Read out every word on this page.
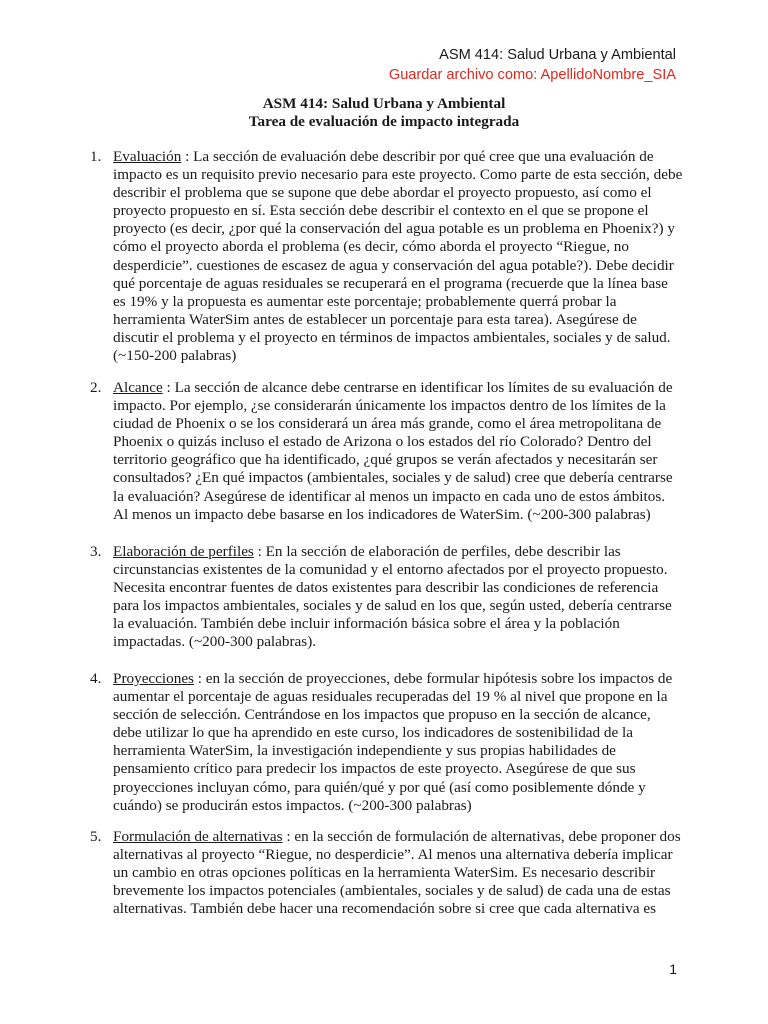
ASM 414: Salud Urbana y Ambiental
Guardar archivo como: ApellidoNombre_SIA
ASM 414: Salud Urbana y Ambiental
Tarea de evaluación de impacto integrada
1. Evaluación : La sección de evaluación debe describir por qué cree que una evaluación de
impacto es un requisito previo necesario para este proyecto. Como parte de esta sección, debe
describir el problema que se supone que debe abordar el proyecto propuesto, así como el
proyecto propuesto en sí. Esta sección debe describir el contexto en el que se propone el
proyecto (es decir, ¿por qué la conservación del agua potable es un problema en Phoenix?) y
cómo el proyecto aborda el problema (es decir, cómo aborda el proyecto “Riegue, no
desperdicie”. cuestiones de escasez de agua y conservación del agua potable?). Debe decidir
qué porcentaje de aguas residuales se recuperará en el programa (recuerde que la línea base
es 19% y la propuesta es aumentar este porcentaje; probablemente querrá probar la
herramienta WaterSim antes de establecer un porcentaje para esta tarea). Asegúrese de
discutir el problema y el proyecto en términos de impactos ambientales, sociales y de salud.
(~150-200 palabras)
2. Alcance : La sección de alcance debe centrarse en identificar los límites de su evaluación de
impacto. Por ejemplo, ¿se considerarán únicamente los impactos dentro de los límites de la
ciudad de Phoenix o se los considerará un área más grande, como el área metropolitana de
Phoenix o quizás incluso el estado de Arizona o los estados del río Colorado? Dentro del
territorio geográfico que ha identificado, ¿qué grupos se verán afectados y necesitarán ser
consultados? ¿En qué impactos (ambientales, sociales y de salud) cree que debería centrarse
la evaluación? Asegúrese de identificar al menos un impacto en cada uno de estos ámbitos.
Al menos un impacto debe basarse en los indicadores de WaterSim. (~200-300 palabras)
3. Elaboración de perfiles : En la sección de elaboración de perfiles, debe describir las
circunstancias existentes de la comunidad y el entorno afectados por el proyecto propuesto.
Necesita encontrar fuentes de datos existentes para describir las condiciones de referencia
para los impactos ambientales, sociales y de salud en los que, según usted, debería centrarse
la evaluación. También debe incluir información básica sobre el área y la población
impactadas. (~200-300 palabras).
4. Proyecciones : en la sección de proyecciones, debe formular hipótesis sobre los impactos de
aumentar el porcentaje de aguas residuales recuperadas del 19 % al nivel que propone en la
sección de selección. Centrándose en los impactos que propuso en la sección de alcance,
debe utilizar lo que ha aprendido en este curso, los indicadores de sostenibilidad de la
herramienta WaterSim, la investigación independiente y sus propias habilidades de
pensamiento crítico para predecir los impactos de este proyecto. Asegúrese de que sus
proyecciones incluyan cómo, para quién/qué y por qué (así como posiblemente dónde y
cuándo) se producirán estos impactos. (~200-300 palabras)
5. Formulación de alternativas : en la sección de formulación de alternativas, debe proponer dos
alternativas al proyecto “Riegue, no desperdicie”. Al menos una alternativa debería implicar
un cambio en otras opciones políticas en la herramienta WaterSim. Es necesario describir
brevemente los impactos potenciales (ambientales, sociales y de salud) de cada una de estas
alternativas. También debe hacer una recomendación sobre si cree que cada alternativa es
1
